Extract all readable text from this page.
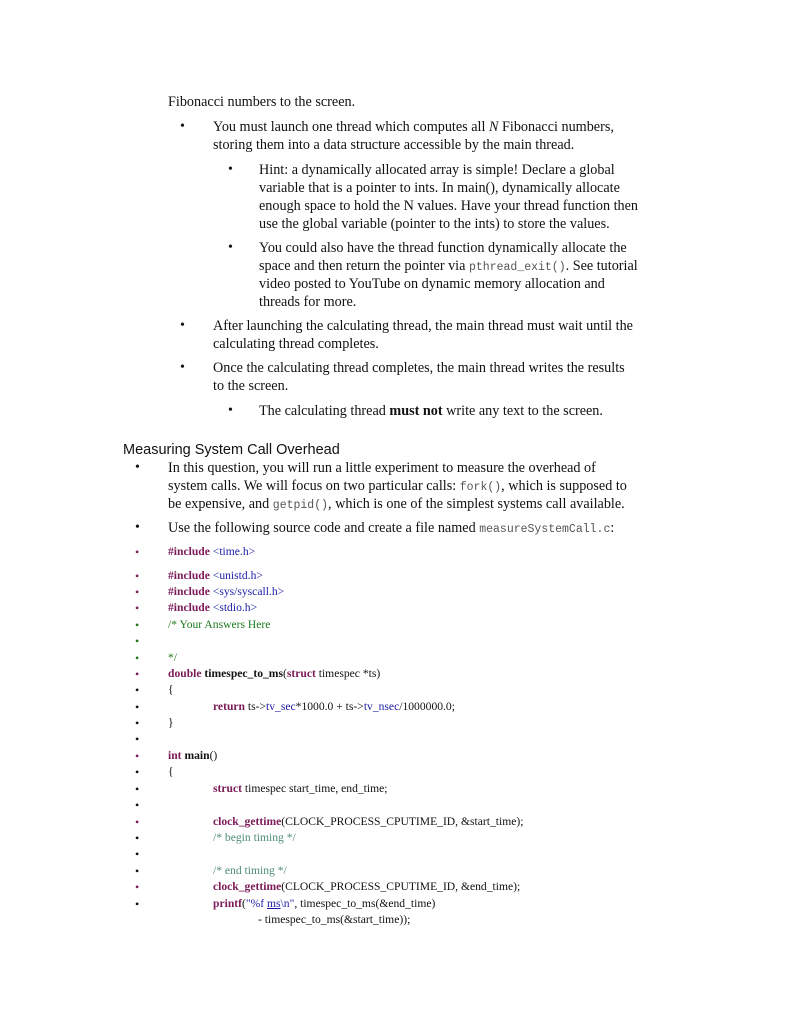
Fibonacci numbers to the screen.
• You must launch one thread which computes all N Fibonacci numbers,
storing them into a data structure accessible by the main thread.
• Hint: a dynamically allocated array is simple! Declare a global
variable that is a pointer to ints. In main(), dynamically allocate
enough space to hold the N values. Have your thread function then
use the global variable (pointer to the ints) to store the values.
• You could also have the thread function dynamically allocate the
space and then return the pointer via pthread_exit(). See tutorial
video posted to YouTube on dynamic memory allocation and
threads for more.
• After launching the calculating thread, the main thread must wait until the
calculating thread completes.
• Once the calculating thread completes, the main thread writes the results
to the screen.
• The calculating thread must not write any text to the screen.
Measuring System Call Overhead
• In this question, you will run a little experiment to measure the overhead of
system calls. We will focus on two particular calls: fork(), which is supposed to
be expensive, and getpid(), which is one of the simplest systems call available.
• Use the following source code and create a file named measureSystemCall.c:
• #include <time.h>
• #include <unistd.h>
• #include <sys/syscall.h>
• #include <stdio.h>
• /* Your Answers Here
•
• */
• double timespec_to_ms(struct timespec *ts)
• {
•	return ts->tv_sec*1000.0 + ts->tv_nsec/1000000.0;
• }
•
• int main()
• {
•	struct timespec start_time, end_time;
•
•	clock_gettime(CLOCK_PROCESS_CPUTIME_ID, &start_time);
•	/* begin timing */
•
•	/* end timing */
•	clock_gettime(CLOCK_PROCESS_CPUTIME_ID, &end_time);
•	printf("%f ms\n", timespec_to_ms(&end_time)
- timespec_to_ms(&start_time));
